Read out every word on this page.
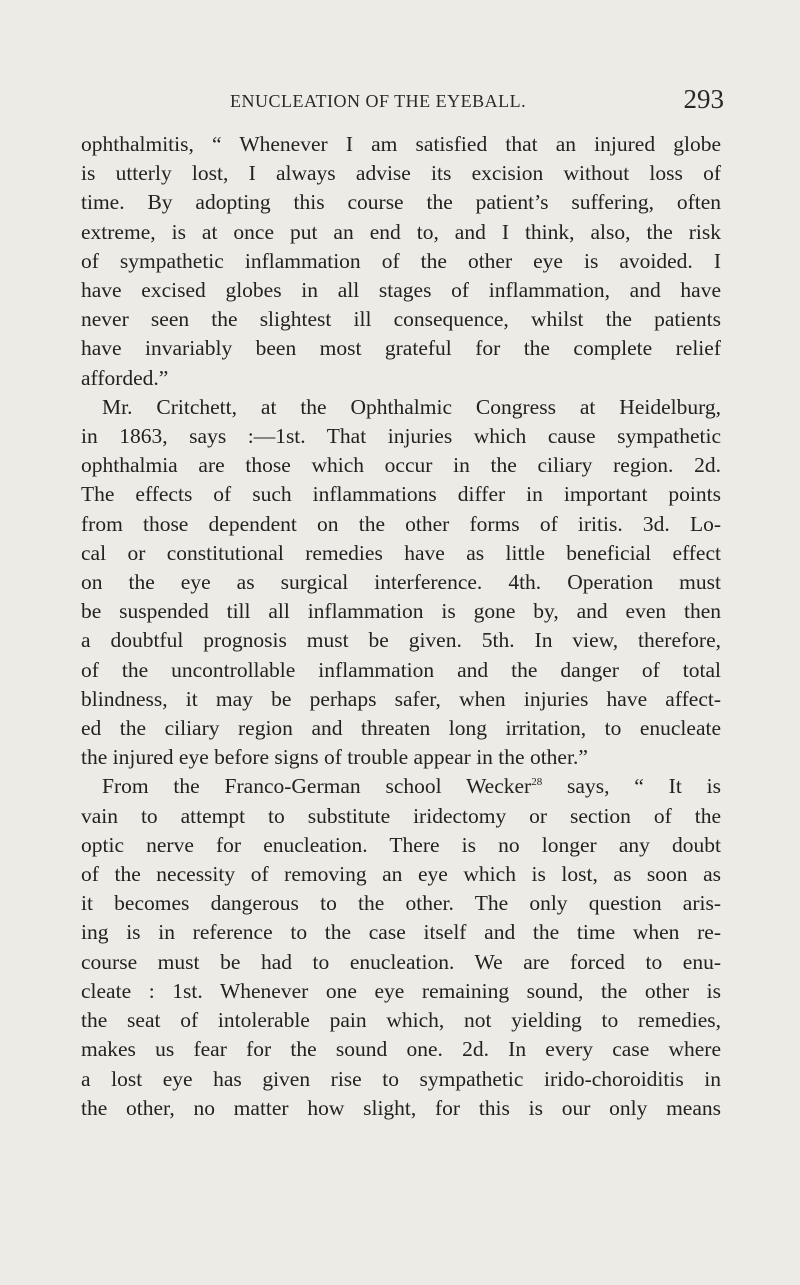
ENUCLEATION OF THE EYEBALL.	293
ophthalmitis, “ Whenever I am satisfied that an injured globe
is utterly lost, I always advise its excision without loss of
time. By adopting this course the patient’s suffering, often
extreme, is at once put an end to, and I think, also, the risk
of sympathetic inflammation of the other eye is avoided. I
have excised globes in all stages of inflammation, and have
never seen the slightest ill consequence, whilst the patients
have invariably been most grateful for the complete relief
afforded.”
Mr. Critchett, at the Ophthalmic Congress at Heidelburg,
in 1863, says :—1st. That injuries which cause sympathetic
ophthalmia are those which occur in the ciliary region. 2d.
The effects of such inflammations differ in important points
from those dependent on the other forms of iritis. 3d. Lo-
cal or constitutional remedies have as little beneficial effect
on the eye as surgical interference. 4th. Operation must
be suspended till all inflammation is gone by, and even then
a doubtful prognosis must be given. 5th. In view, therefore,
of the uncontrollable inflammation and the danger of total
blindness, it may be perhaps safer, when injuries have affect-
ed the ciliary region and threaten long irritation, to enucleate
the injured eye before signs of trouble appear in the other.”
From the Franco-German school Wecker$^{28}$ says, “ It is
vain to attempt to substitute iridectomy or section of the
optic nerve for enucleation. There is no longer any doubt
of the necessity of removing an eye which is lost, as soon as
it becomes dangerous to the other. The only question aris-
ing is in reference to the case itself and the time when re-
course must be had to enucleation. We are forced to enu-
cleate : 1st. Whenever one eye remaining sound, the other is
the seat of intolerable pain which, not yielding to remedies,
makes us fear for the sound one. 2d. In every case where
a lost eye has given rise to sympathetic irido-choroiditis in
the other, no matter how slight, for this is our only means
